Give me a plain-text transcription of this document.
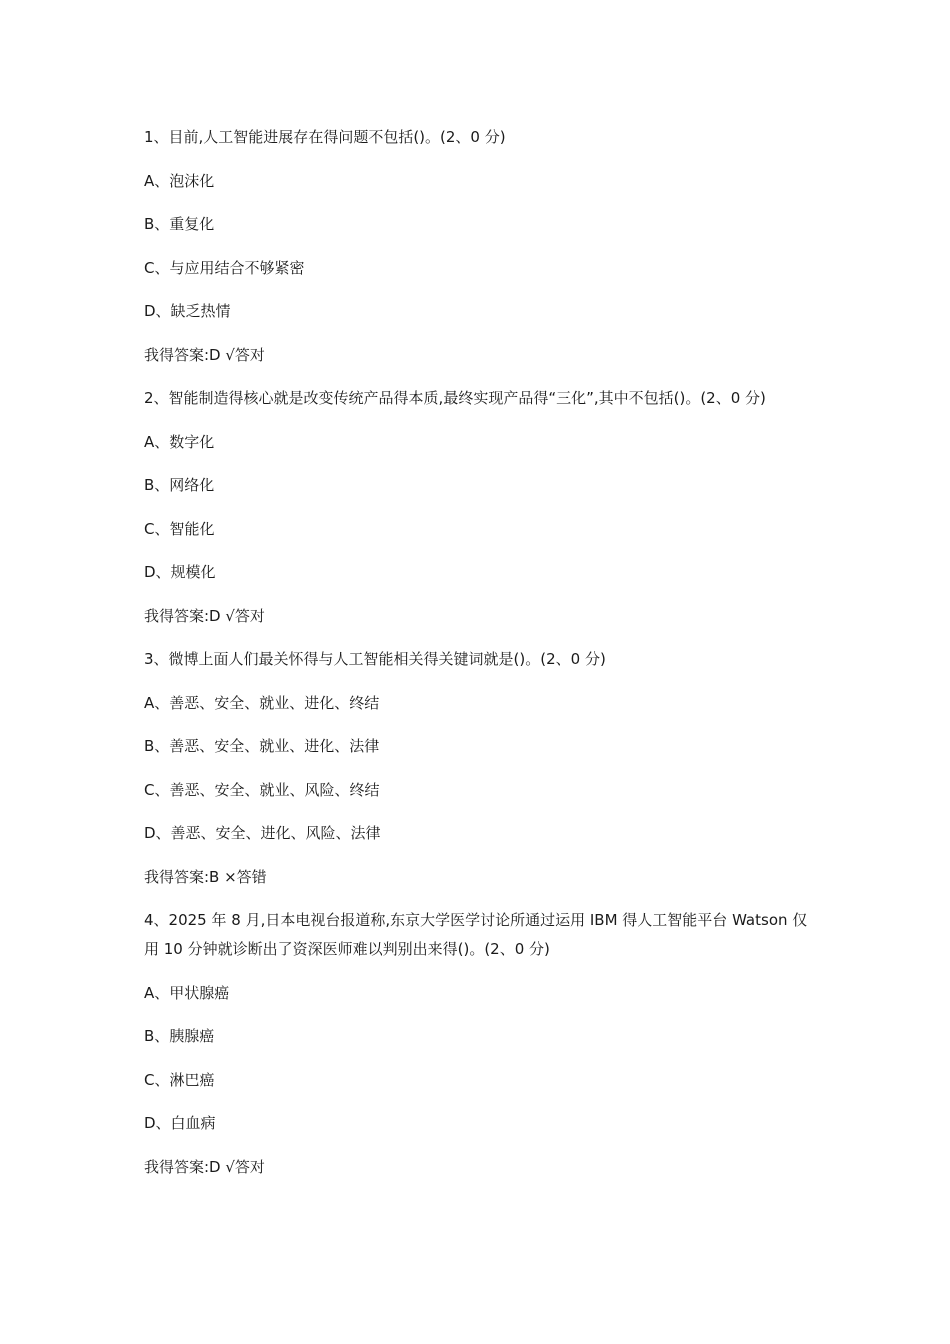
1、目前,人工智能进展存在得问题不包括()。(2、0 分)
A、泡沫化
B、重复化
C、与应用结合不够紧密
D、缺乏热情
我得答案:D √答对
2、智能制造得核心就是改变传统产品得本质,最终实现产品得“三化”,其中不包括()。(2、0 分)
A、数字化
B、网络化
C、智能化
D、规模化
我得答案:D √答对
3、微博上面人们最关怀得与人工智能相关得关键词就是()。(2、0 分)
A、善恶、安全、就业、进化、终结
B、善恶、安全、就业、进化、法律
C、善恶、安全、就业、风险、终结
D、善恶、安全、进化、风险、法律
我得答案:B ×答错
4、2025 年 8 月,日本电视台报道称,东京大学医学讨论所通过运用 IBM 得人工智能平台 Watson 仅用 10 分钟就诊断出了资深医师难以判别出来得()。(2、0 分)
A、甲状腺癌
B、胰腺癌
C、淋巴癌
D、白血病
我得答案:D √答对
